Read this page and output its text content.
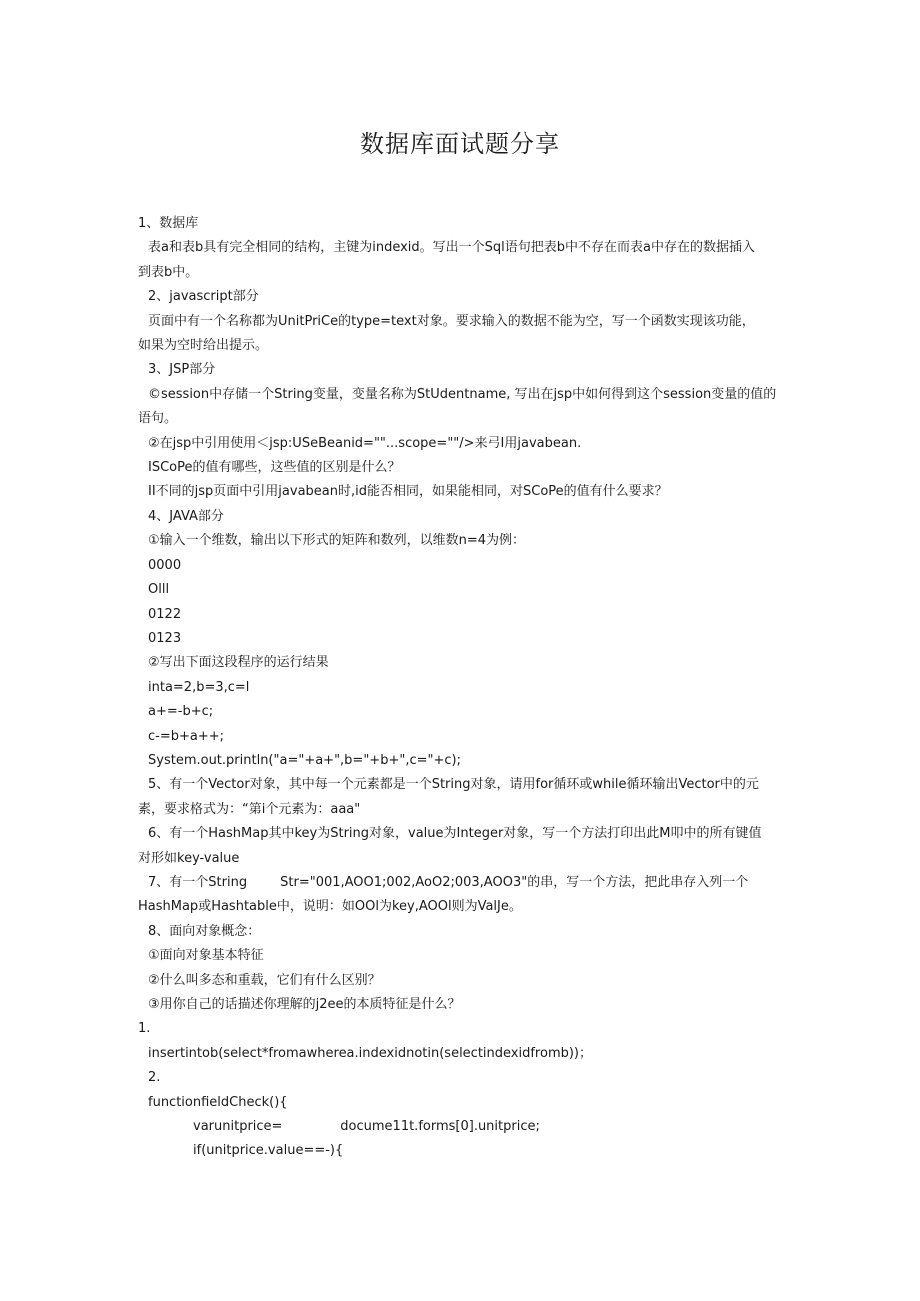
数据库面试题分享

1、数据库

表a和表b具有完全相同的结构，主键为indexid。写出一个Sql语句把表b中不存在而表a中存在的数据插入

到表b中。

2、javascript部分

页面中有一个名称都为UnitPriCe的type=text对象。要求输入的数据不能为空，写一个函数实现该功能，

如果为空时给出提示。

3、JSP部分

©session中存储一个String变量，变量名称为StUdentname, 写出在jsp中如何得到这个session变量的值的

语句。

②在jsp中引用使用＜jsp:USeBeanid=""...scope=""/>来弓I用javabean.

ISCoPe的值有哪些，这些值的区别是什么？

II不同的jsp页面中引用javabean时,id能否相同，如果能相同，对SCoPe的值有什么要求？

4、JAVA部分

①输入一个维数，输出以下形式的矩阵和数列，以维数n=4为例：

0000

Olll

0122

0123

②写出下面这段程序的运行结果

inta=2,b=3,c=l

a+=-b+c;

c-=b+a++;

System.out.println("a="+a+",b="+b+",c="+c);

5、有一个Vector对象，其中每一个元素都是一个String对象，请用for循环或while循环输出Vector中的元

素，要求格式为：“第i个元素为：aaa"

6、有一个HashMap其中key为String对象，value为Integer对象，写一个方法打印出此M叩中的所有键值

对形如key-value

7、有一个String        Str="001,AOO1;002,AoO2;003,AOO3"的串，写一个方法，把此串存入列一个

HashMap或Hashtable中，说明：如OOl为key,AOOl则为ValJe。

8、面向对象概念：

①面向对象基本特征

②什么叫多态和重载，它们有什么区别？

③用你自己的话描述你理解的j2ee的本质特征是什么？

1.

insertintob(select*fromawherea.indexidnotin(selectindexidfromb))；

2.

functionfieldCheck(){

varunitprice=              docume11t.forms[0].unitprice;

if(unitprice.value==-){
